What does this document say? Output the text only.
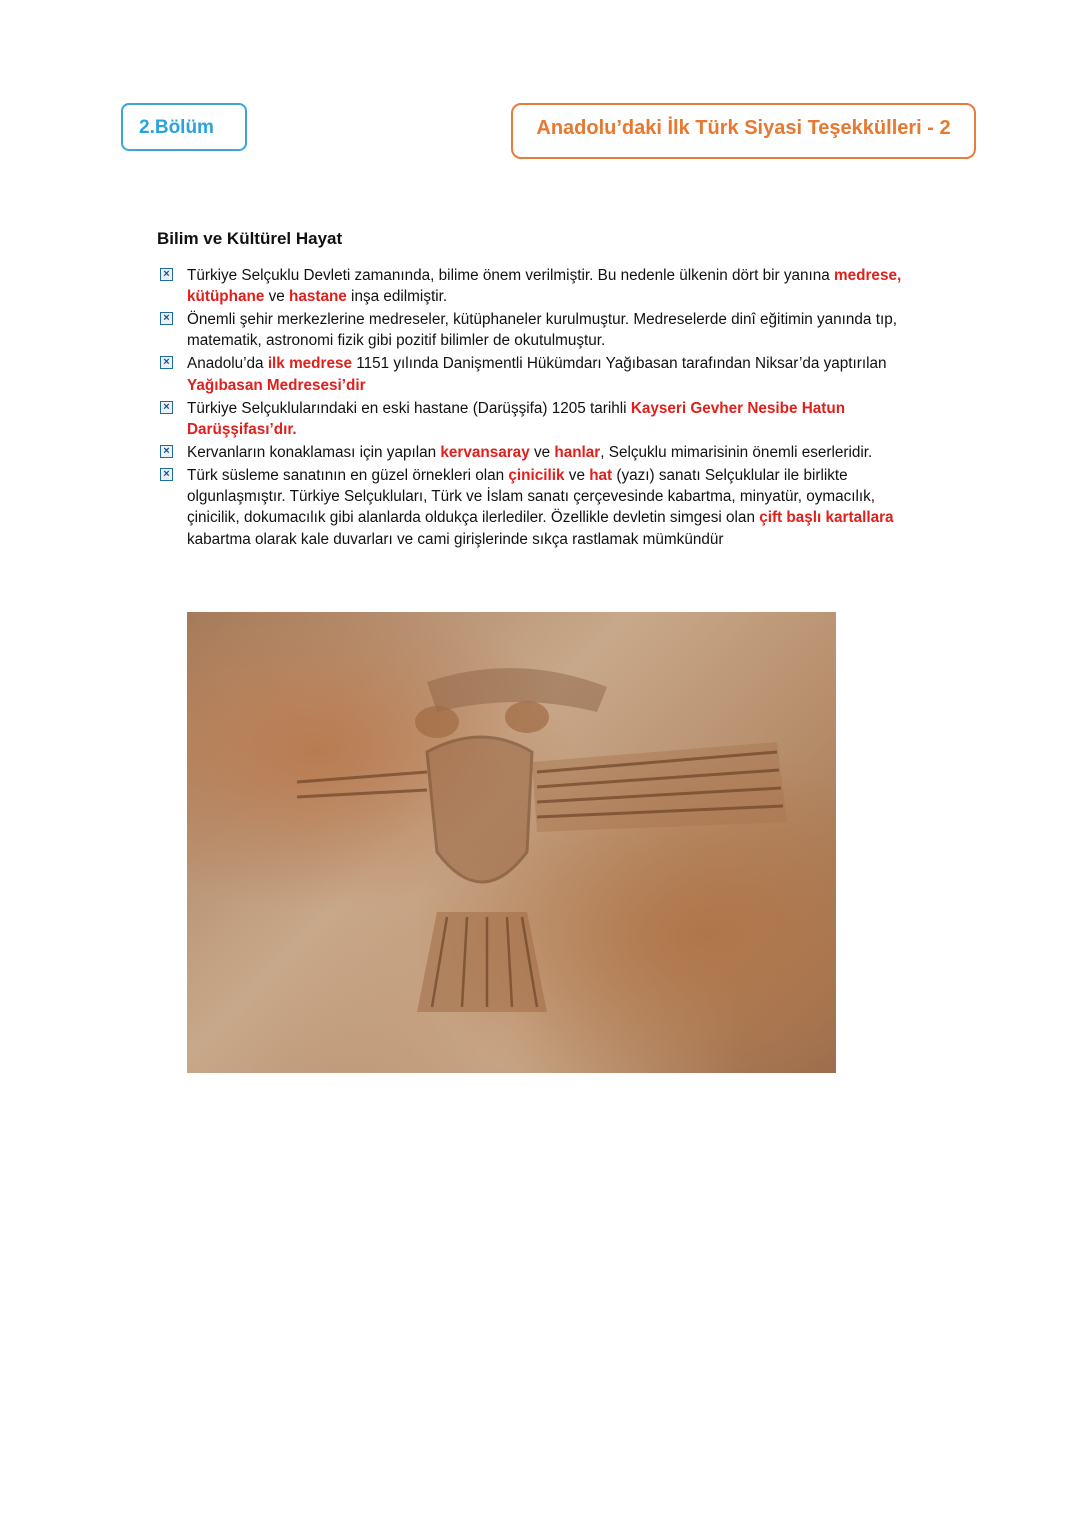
2.Bölüm	Anadolu’daki İlk Türk Siyasi Teşekkülleri - 2
Bilim ve Kültürel Hayat
× Türkiye Selçuklu Devleti zamanında, bilime önem verilmiştir. Bu nedenle ülkenin dört bir yanına medrese, kütüphane ve hastane inşa edilmiştir.
× Önemli şehir merkezlerine medreseler, kütüphaneler kurulmuştur. Medreselerde dinî eğitimin yanında tıp, matematik, astronomi fizik gibi pozitif bilimler de okutulmuştur.
× Anadolu’da ilk medrese 1151 yılında Danişmentli Hükümdarı Yağıbasan tarafından Niksar’da yaptırılan Yağıbasan Medresesi’dir
× Türkiye Selçuklularındaki en eski hastane (Darüşşifa) 1205 tarihli Kayseri Gevher Nesibe Hatun Darüşşifası’dır.
× Kervanların konaklaması için yapılan kervansaray ve hanlar, Selçuklu mimarisinin önemli eserleridir.
× Türk süsleme sanatının en güzel örnekleri olan çinicilik ve hat (yazı) sanatı Selçuklular ile birlikte olgunlaşmıştır. Türkiye Selçukluları, Türk ve İslam sanatı çerçevesinde kabartma, minyatür, oymacılık, çinicilik, dokumacılık gibi alanlarda oldukça ilerlediler. Özellikle devletin simgesi olan çift başlı kartallara kabartma olarak kale duvarları ve cami girişlerinde sıkça rastlamak mümkündür
